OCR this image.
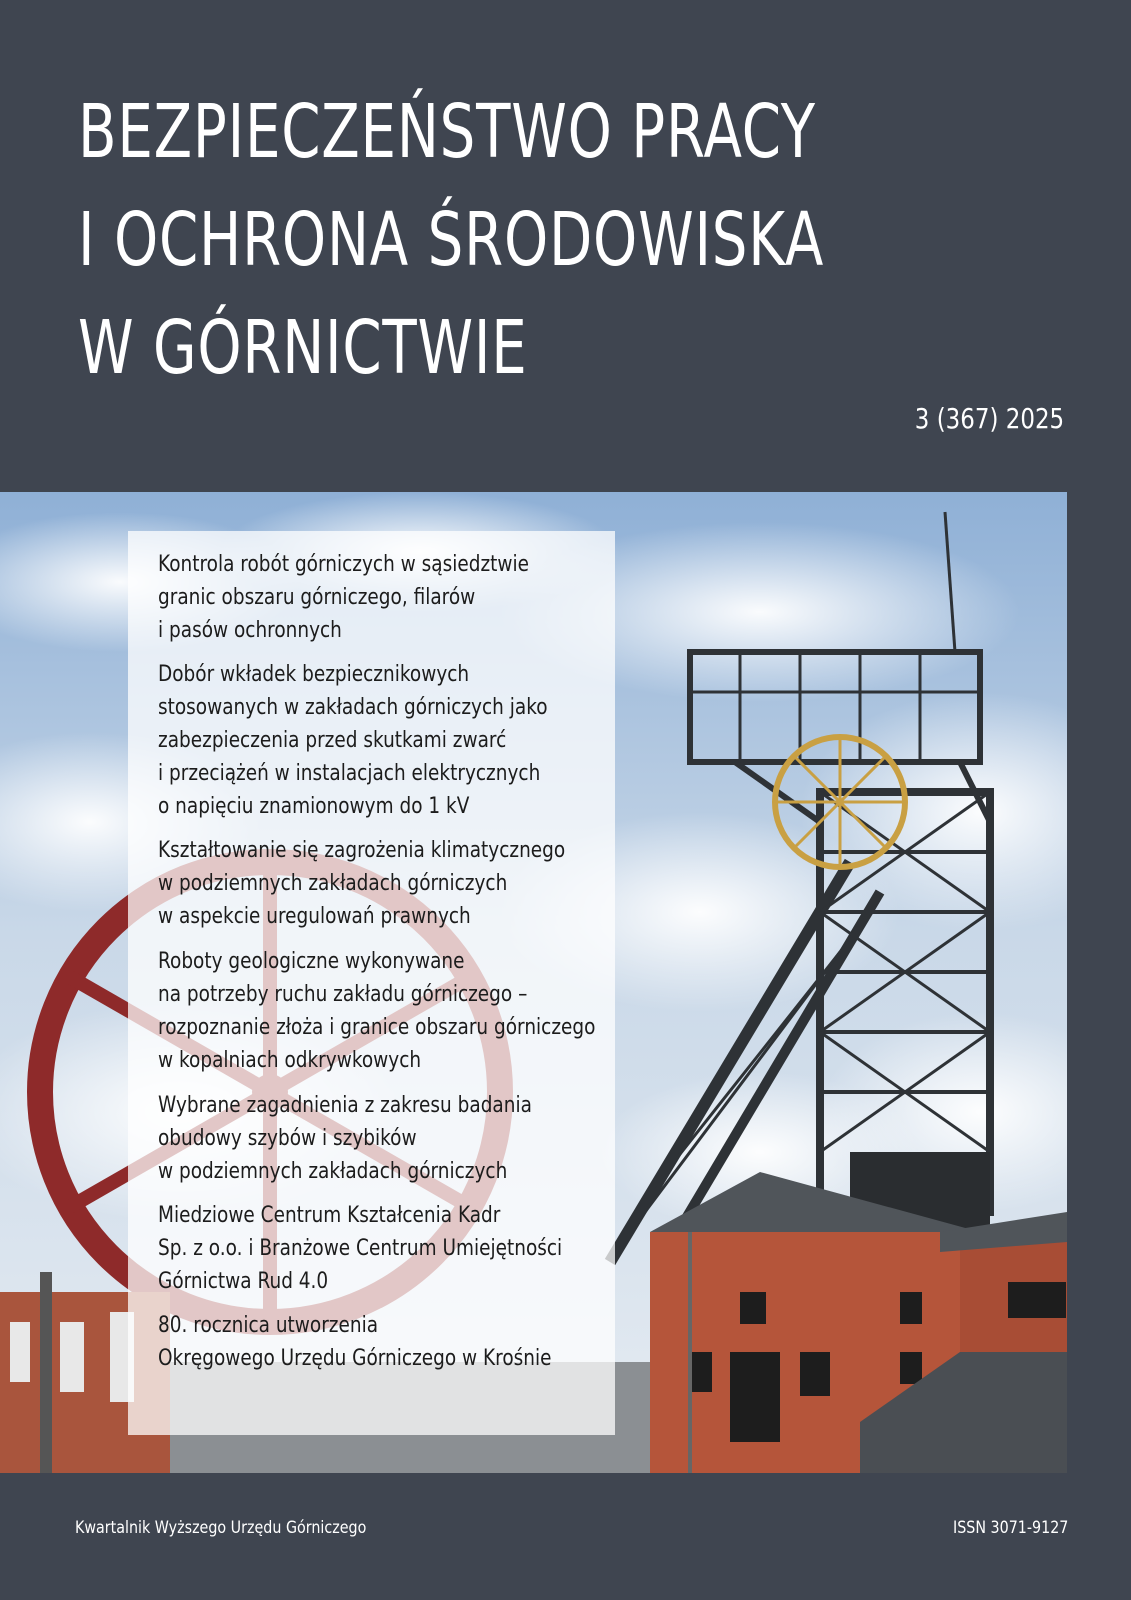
BEZPIECZEŃSTWO PRACY
I OCHRONA ŚRODOWISKA
W GÓRNICTWIE
3 (367) 2025
Kontrola robót górniczych w sąsiedztwie
granic obszaru górniczego, filarów
i pasów ochronnych
Dobór wkładek bezpiecznikowych
stosowanych w zakładach górniczych jako
zabezpieczenia przed skutkami zwarć
i przeciążeń w instalacjach elektrycznych
o napięciu znamionowym do 1 kV
Kształtowanie się zagrożenia klimatycznego
w podziemnych zakładach górniczych
w aspekcie uregulowań prawnych
Roboty geologiczne wykonywane
na potrzeby ruchu zakładu górniczego –
rozpoznanie złoża i granice obszaru górniczego
w kopalniach odkrywkowych
Wybrane zagadnienia z zakresu badania
obudowy szybów i szybików
w podziemnych zakładach górniczych
Miedziowe Centrum Kształcenia Kadr
Sp. z o.o. i Branżowe Centrum Umiejętności
Górnictwa Rud 4.0
80. rocznica utworzenia
Okręgowego Urzędu Górniczego w Krośnie
Kwartalnik Wyższego Urzędu Górniczego	ISSN 3071-9127
